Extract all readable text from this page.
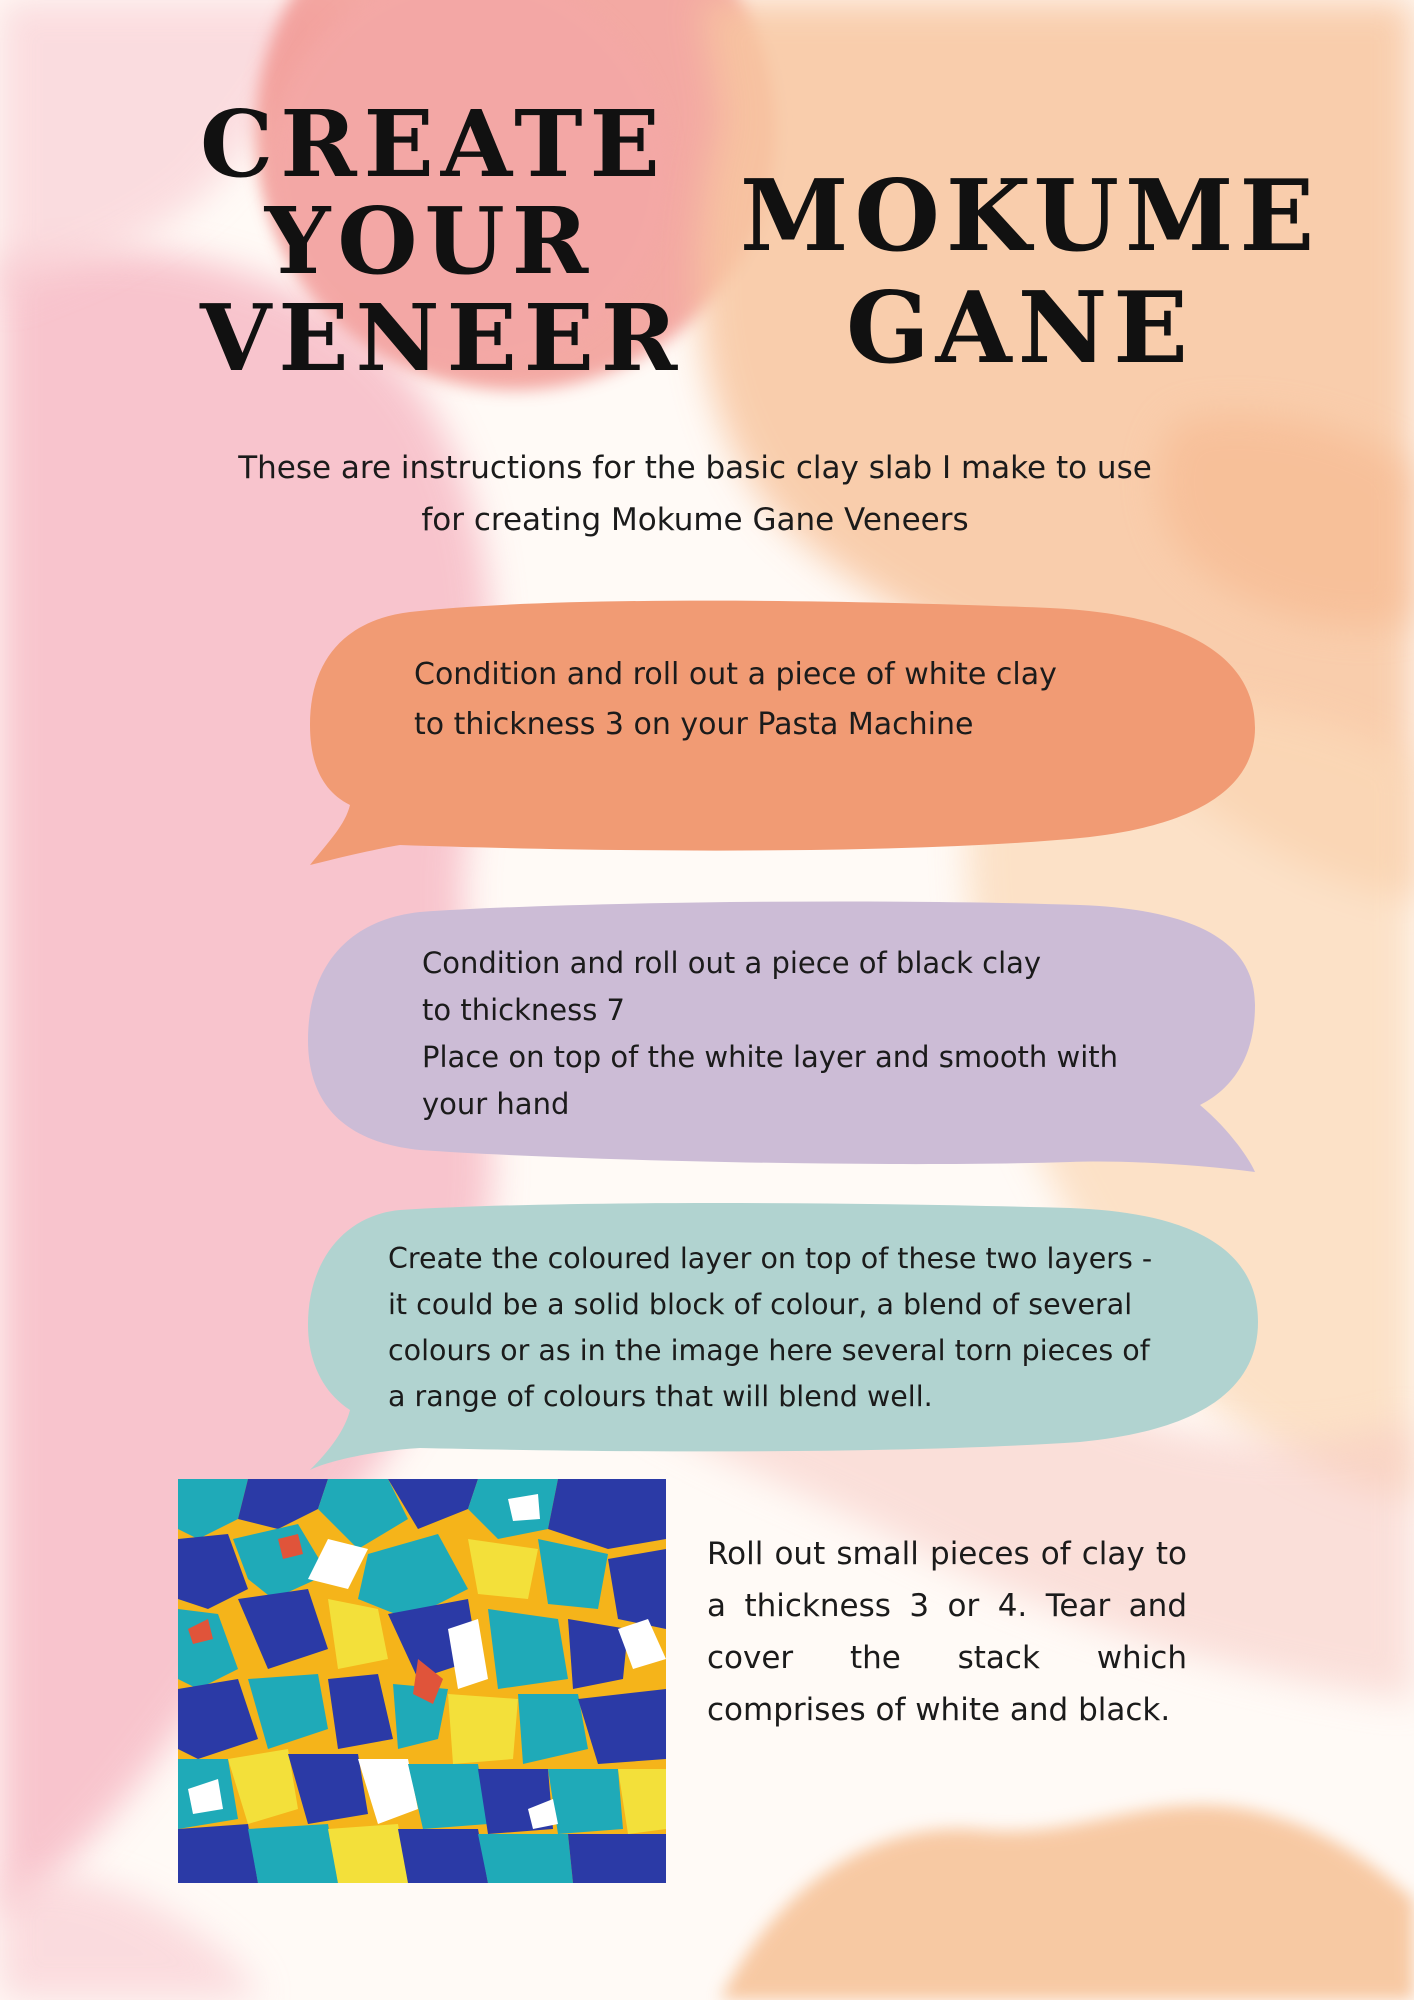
CREATE
YOUR
VENEER
MOKUME
GANE

These are instructions for the basic clay slab I make to use
for creating Mokume Gane Veneers

Condition and roll out a piece of white clay
to thickness 3 on your Pasta Machine

Condition and roll out a piece of black clay
to thickness 7
Place on top of the white layer and smooth with
your hand

Create the coloured layer on top of these two layers -
it could be a solid block of colour, a blend of several
colours or as in the image here several torn pieces of
a range of colours that will blend well.

Roll out small pieces of clay to a thickness 3 or 4. Tear and cover the stack which comprises of white and black.
